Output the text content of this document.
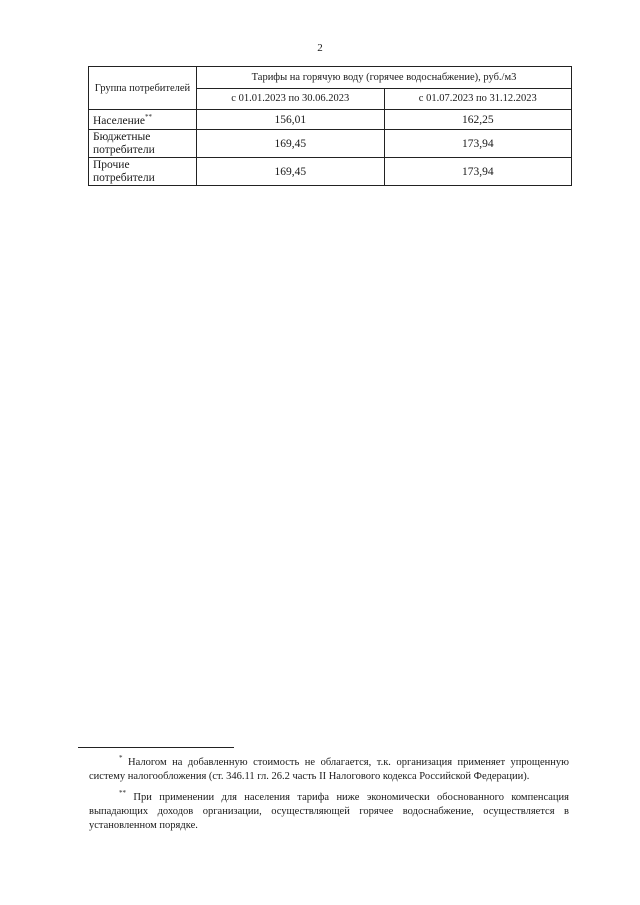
2
Группа потребителей	Тарифы на горячую воду (горячее водоснабжение), руб./м3	
	с 01.01.2023 по 30.06.2023	с 01.07.2023 по 31.12.2023
Население**	156,01	162,25
Бюджетные потребители	169,45	173,94
Прочие потребители	169,45	173,94

* Налогом на добавленную стоимость не облагается, т.к. организация применяет упрощенную систему налогообложения (ст. 346.11 гл. 26.2 часть II Налогового кодекса Российской Федерации).

** При применении для населения тарифа ниже экономически обоснованного компенсация выпадающих доходов организации, осуществляющей горячее водоснабжение, осуществляется в установленном порядке.
